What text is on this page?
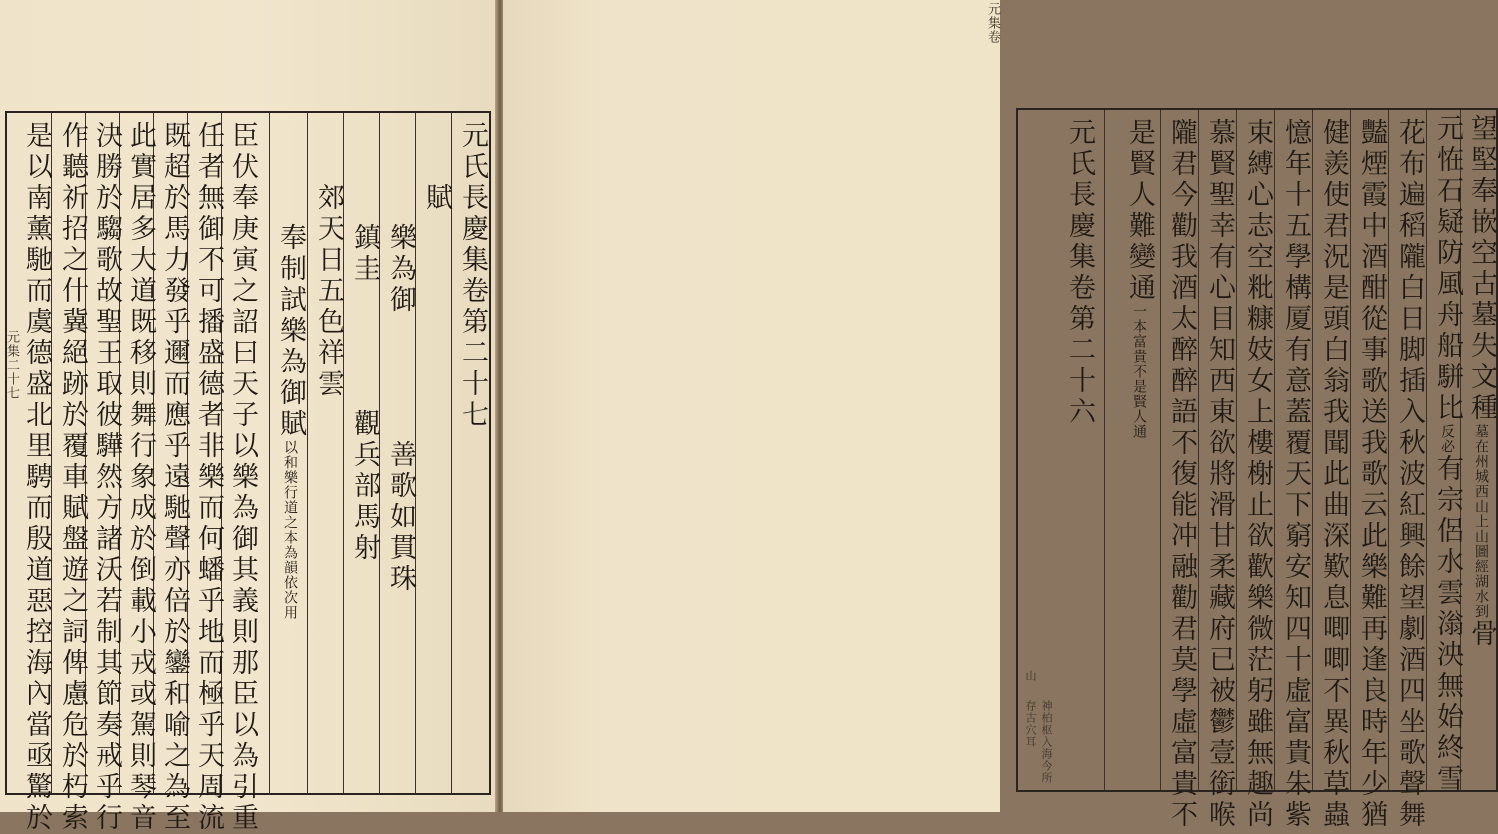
元集二十七	元氏長慶集卷第二十七
賦
樂為御　　　　善歌如貫珠
鎮圭　　　　觀兵部馬射
郊天日五色祥雲
奉制試樂為御賦以和樂行道之本為韻依次用
臣伏奉庚寅之詔曰天子以樂為御其義則那臣以為引重
任者無御不可播盛德者非樂而何蟠乎地而極乎天周流
既超於馬力發乎邇而應乎遠馳聲亦倍於鑾和喻之為至
此實居多大道既移則舞行象成於倒載小戎或駕則琴音
決勝於騶歌故聖王取彼驊然方諸沃若制其節奏戒乎行
作聽祈招之什冀絕跡於覆車賦盤遊之詞俾慮危於朽索
是以南薰馳而虞德盛北里騁而殷道惡控海內當亟驚於
元集卷
望堅奉嵌空古墓失文種墓在州城西山上山圖經湖水到骨
元恠石疑防風舟船駢比反必有宗侶水雲滃泱無始終雪
花布遍稻隴白日脚插入秋波紅興餘望劇酒四坐歌聲舞
豔煙霞中酒酣從事歌送我歌云此樂難再逢良時年少猶
健羨使君況是頭白翁我聞此曲深歎息唧唧不異秋草蟲
憶年十五學構厦有意蓋覆天下窮安知四十虛富貴朱紫
束縛心志空粃糠妓女上樓榭止欲歡樂微茫躬雖無趣尚
慕賢聖幸有心目知西東欲將滑甘柔藏府已被鬱壹銜喉
隴君今勸我酒太醉醉語不復能冲融勸君莫學虛富貴不
是賢人難變通一本富貴不是賢人通
元氏長慶集卷第二十六
山
神柏枢入海今所存古穴耳
